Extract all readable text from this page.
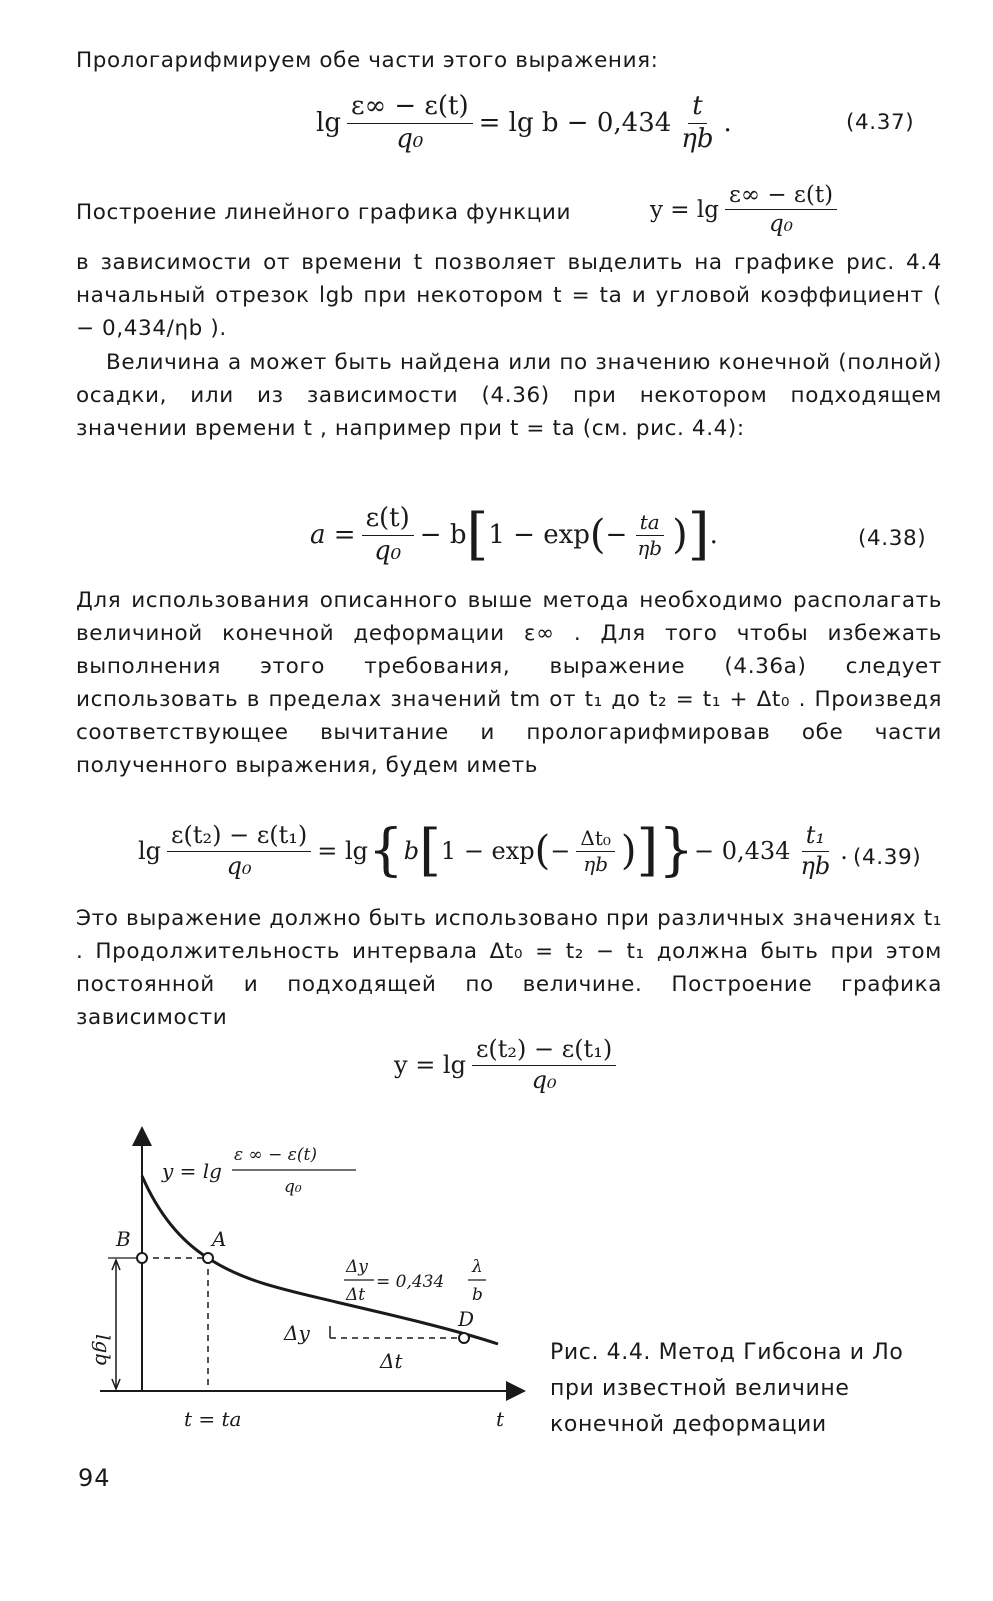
Прологарифмируем обе части этого выражения:

$\lg \frac{\varepsilon\infty - \varepsilon(t)}{\text{q₀}} = \lg b - 0,434 \frac{t}{\eta b}$ .	(4.37)

Построение линейного графика функции	$y = \lg \frac{\varepsilon\infty - \varepsilon(t)}{\text{q₀}}$

в зависимости от времени t позволяет выделить на графике рис. 4.4 начальный отрезок lgb при некотором t = ta и угловой коэффициент ( − 0,434/ηb ).

Величина a может быть найдена или по значению конечной (полной) осадки, или из зависимости (4.36) при некотором подходящем значении времени t , например при t = ta (см. рис. 4.4):

$a = \frac{\varepsilon(t)}{\text{q₀}} - b$ [ 1 − exp ( − $\frac{ta}{\eta b}$ ) ] .	(4.38)

Для использования описанного выше метода необходимо располагать величиной конечной деформации ε∞ . Для того чтобы избежать выполнения этого требования, выражение (4.36а) следует использовать в пределах значений tm от t₁ до t₂ = t₁ + Δt₀ . Произведя соответствующее вычитание и прологарифмировав обе части полученного выражения, будем иметь

$\lg \frac{\text{ε(t₂) − ε(t₁)}}{\text{q₀}} = \lg$ { b [ 1 − exp ( − $\frac{\text{Δt₀}}{\eta b}$ ) ] } − $0,434 \frac{\text{t₁}}{\eta b}$ . (4.39)

Это выражение должно быть использовано при различных значениях t₁ . Продолжительность интервала Δt₀ = t₂ − t₁ должна быть при этом постоянной и подходящей по величине. Построение графика зависимости

$y = \lg \frac{\text{ε(t₂) − ε(t₁)}}{\text{q₀}}$
y = lg
ε ∞ − ε(t)
q₀
lgb
B	A
D
Δy
Δt
Δy
Δt
= 0,434
λ
b
t = ta	t

Рис. 4.4. Метод Гибсона и Ло при известной величине конечной деформации

94
